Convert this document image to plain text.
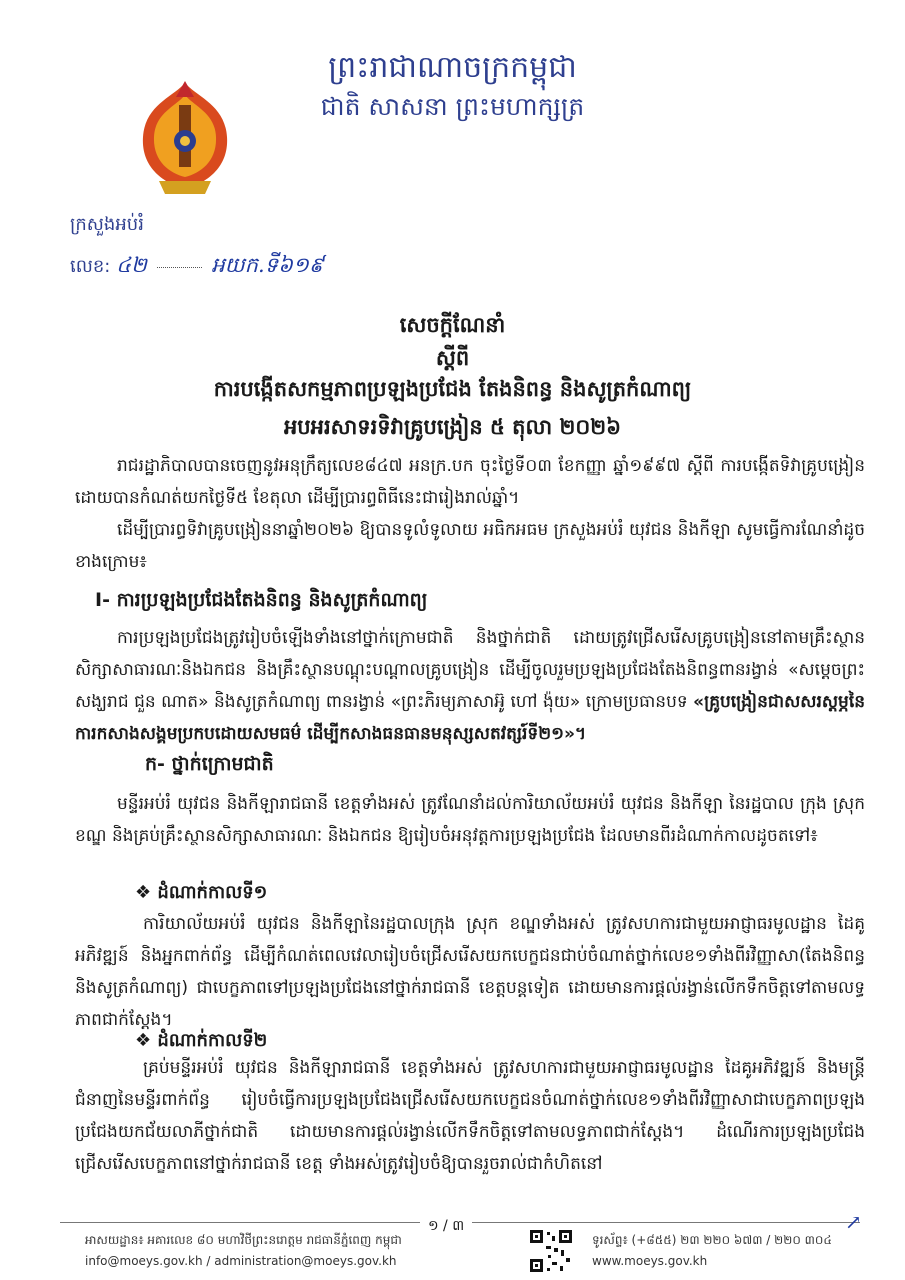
ព្រះរាជាណាចក្រកម្ពុជា
ជាតិ សាសនា ព្រះមហាក្សត្រ
ក្រសួងអប់រំ
លេខ: ៤២	អយក.ទី៦១៩
សេចក្ដីណែនាំ
ស្ដីពី
ការបង្កើតសកម្មភាពប្រឡងប្រជែង តែងនិពន្ធ និងសូត្រកំណាព្យ
អបអរសាទរទិវាគ្រូបង្រៀន ៥ តុលា ២០២៦
រាជរដ្ឋាភិបាលបានចេញនូវអនុក្រឹត្យលេខ៨៤៧ អនក្រ.បក ចុះថ្ងៃទី០៣ ខែកញ្ញា ឆ្នាំ១៩៩៧ ស្ដីពី ការបង្កើតទិវាគ្រូបង្រៀន ដោយបានកំណត់យកថ្ងៃទី៥ ខែតុលា ដើម្បីប្រារព្ធពិធីនេះជារៀងរាល់ឆ្នាំ។
ដើម្បីប្រារព្ធទិវាគ្រូបង្រៀននាឆ្នាំ២០២៦ ឱ្យបានទូលំទូលាយ អធិកអធម ក្រសួងអប់រំ យុវជន និងកីឡា សូមធ្វើការណែនាំដូចខាងក្រោម៖
I- ការប្រឡងប្រជែងតែងនិពន្ធ និងសូត្រកំណាព្យ
ការប្រឡងប្រជែងត្រូវរៀបចំឡើងទាំងនៅថ្នាក់ក្រោមជាតិ និងថ្នាក់ជាតិ ដោយត្រូវជ្រើសរើសគ្រូបង្រៀននៅតាមគ្រឹះស្ថានសិក្សាសាធារណៈនិងឯកជន និងគ្រឹះស្ថានបណ្ដុះបណ្ដាលគ្រូបង្រៀន ដើម្បីចូលរួមប្រឡងប្រជែងតែងនិពន្ធពានរង្វាន់ «សម្ដេចព្រះសង្ឃរាជ ជួន ណាត» និងសូត្រកំណាព្យ ពានរង្វាន់ «ព្រះភិរម្យភាសាអ៊ូ ហៅ ង៉ុយ» ក្រោមប្រធានបទ «គ្រូបង្រៀនជាសសរស្ដម្ភនៃការកសាងសង្គមប្រកបដោយសមធម៌ ដើម្បីកសាងធនធានមនុស្សសតវត្សរ៍ទី២១»។
ក- ថ្នាក់ក្រោមជាតិ
មន្ទីរអប់រំ យុវជន និងកីឡារាជធានី ខេត្តទាំងអស់ ត្រូវណែនាំដល់ការិយាល័យអប់រំ យុវជន និងកីឡា នៃរដ្ឋបាល ក្រុង ស្រុក ខណ្ឌ និងគ្រប់គ្រឹះស្ថានសិក្សាសាធារណៈ និងឯកជន ឱ្យរៀបចំអនុវត្តការប្រឡងប្រជែង ដែលមានពីរដំណាក់កាលដូចតទៅ៖
❖ ដំណាក់កាលទី១
ការិយាល័យអប់រំ យុវជន និងកីឡានៃរដ្ឋបាលក្រុង ស្រុក ខណ្ឌទាំងអស់ ត្រូវសហការជាមួយអាជ្ញាធរមូលដ្ឋាន ដៃគូអភិវឌ្ឍន៍ និងអ្នកពាក់ព័ន្ធ ដើម្បីកំណត់ពេលវេលារៀបចំជ្រើសរើសយកបេក្ខជនជាប់ចំណាត់ថ្នាក់លេខ១ទាំងពីរវិញ្ញាសា(តែងនិពន្ធ និងសូត្រកំណាព្យ) ជាបេក្ខភាពទៅប្រឡងប្រជែងនៅថ្នាក់រាជធានី ខេត្តបន្តទៀត ដោយមានការផ្ដល់រង្វាន់លើកទឹកចិត្តទៅតាមលទ្ធភាពជាក់ស្ដែង។
❖ ដំណាក់កាលទី២
គ្រប់មន្ទីរអប់រំ យុវជន និងកីឡារាជធានី ខេត្តទាំងអស់ ត្រូវសហការជាមួយអាជ្ញាធរមូលដ្ឋាន ដៃគូអភិវឌ្ឍន៍ និងមន្ត្រីជំនាញនៃមន្ទីរពាក់ព័ន្ធ រៀបចំធ្វើការប្រឡងប្រជែងជ្រើសរើសយកបេក្ខជនចំណាត់ថ្នាក់លេខ១ទាំងពីរវិញ្ញាសាជាបេក្ខភាពប្រឡងប្រជែងយកជ័យលាភីថ្នាក់ជាតិ ដោយមានការផ្ដល់រង្វាន់លើកទឹកចិត្តទៅតាមលទ្ធភាពជាក់ស្ដែង។ ដំណើរការប្រឡងប្រជែងជ្រើសរើសបេក្ខភាពនៅថ្នាក់រាជធានី ខេត្ត ទាំងអស់ត្រូវរៀបចំឱ្យបានរួចរាល់ជាកំហិតនៅ
១ / ៣
អាសយដ្ឋាន៖ អគារលេខ ៨០ មហាវិថីព្រះនរោត្តម រាជធានីភ្នំពេញ កម្ពុជា
info@moeys.gov.kh / administration@moeys.gov.kh
ទូរស័ព្ទ៖ (+៨៥៥) ២៣ ២២០ ៦៧៣ / ២២០ ៣០៤
www.moeys.gov.kh
↗
